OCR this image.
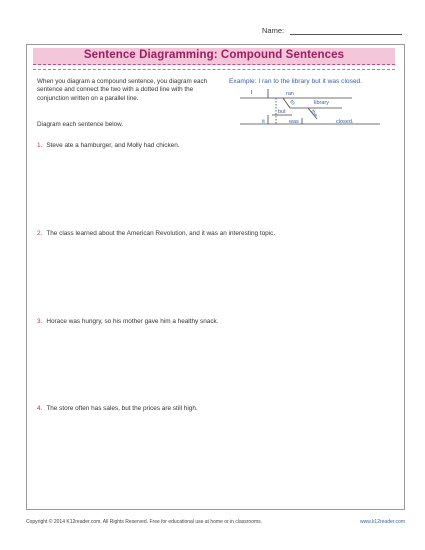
Name:
Sentence Diagramming: Compound Sentences

When you diagram a compound sentence, you diagram each sentence and connect the two with a dotted line with the conjunction written on a parallel line.

Diagram each sentence below.

Example: I ran to the library but it was closed.
I	ran
to	library
the
but
it	was	closed.
1. Steve ate a hamburger, and Molly had chicken.
2. The class learned about the American Revolution, and it was an interesting topic.
3. Horace was hungry, so his mother gave him a healthy snack.
4. The store often has sales, but the prices are still high.
Copyright © 2014 K12reader.com. All Rights Reserved. Free for educational use at home or in classrooms.	www.k12reader.com
